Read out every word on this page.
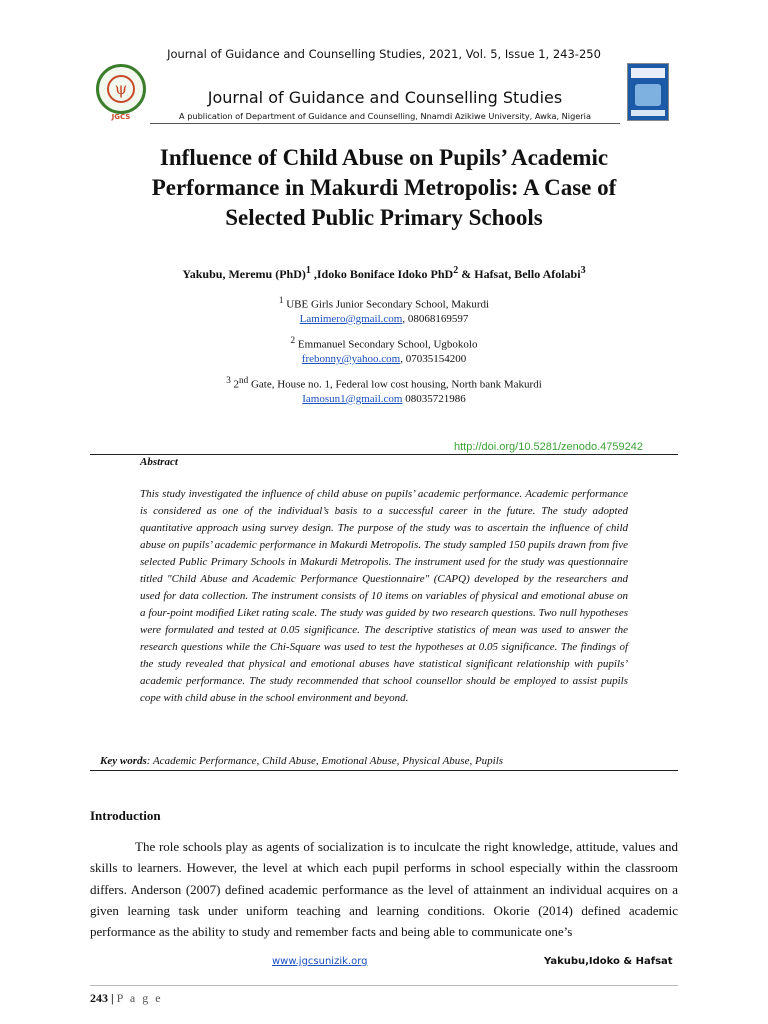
Journal of Guidance and Counselling Studies, 2021, Vol. 5, Issue 1, 243-250
ψ
JGCS
Journal of Guidance and Counselling Studies
A publication of Department of Guidance and Counselling, Nnamdi Azikiwe University, Awka, Nigeria
Influence of Child Abuse on Pupils’ Academic
Performance in Makurdi Metropolis: A Case of
Selected Public Primary Schools
Yakubu, Meremu (PhD)$^1$ ,Idoko Boniface Idoko PhD$^2$ & Hafsat, Bello Afolabi$^3$
$^1$ UBE Girls Junior Secondary School, Makurdi
Lamimero@gmail.com, 08068169597
$^2$ Emmanuel Secondary School, Ugbokolo
frebonny@yahoo.com, 07035154200
$^3$ 2nd Gate, House no. 1, Federal low cost housing, North bank Makurdi
Iamosun1@gmail.com 08035721986
http://doi.org/10.5281/zenodo.4759242
Abstract
This study investigated the influence of child abuse on pupils’ academic performance. Academic performance is considered as one of the individual’s basis to a successful career in the future. The study adopted quantitative approach using survey design. The purpose of the study was to ascertain the influence of child abuse on pupils’ academic performance in Makurdi Metropolis. The study sampled 150 pupils drawn from five selected Public Primary Schools in Makurdi Metropolis. The instrument used for the study was questionnaire titled "Child Abuse and Academic Performance Questionnaire" (CAPQ) developed by the researchers and used for data collection. The instrument consists of 10 items on variables of physical and emotional abuse on a four-point modified Liket rating scale. The study was guided by two research questions. Two null hypotheses were formulated and tested at 0.05 significance. The descriptive statistics of mean was used to answer the research questions while the Chi-Square was used to test the hypotheses at 0.05 significance. The findings of the study revealed that physical and emotional abuses have statistical significant relationship with pupils’ academic performance. The study recommended that school counsellor should be employed to assist pupils cope with child abuse in the school environment and beyond.
Key words: Academic Performance, Child Abuse, Emotional Abuse, Physical Abuse, Pupils
Introduction

The role schools play as agents of socialization is to inculcate the right knowledge, attitude, values and skills to learners. However, the level at which each pupil performs in school especially within the classroom differs. Anderson (2007) defined academic performance as the level of attainment an individual acquires on a given learning task under uniform teaching and learning conditions. Okorie (2014) defined academic performance as the ability to study and remember facts and being able to communicate one’s

www.jgcsunizik.org	Yakubu,Idoko & Hafsat
243 | P a g e
